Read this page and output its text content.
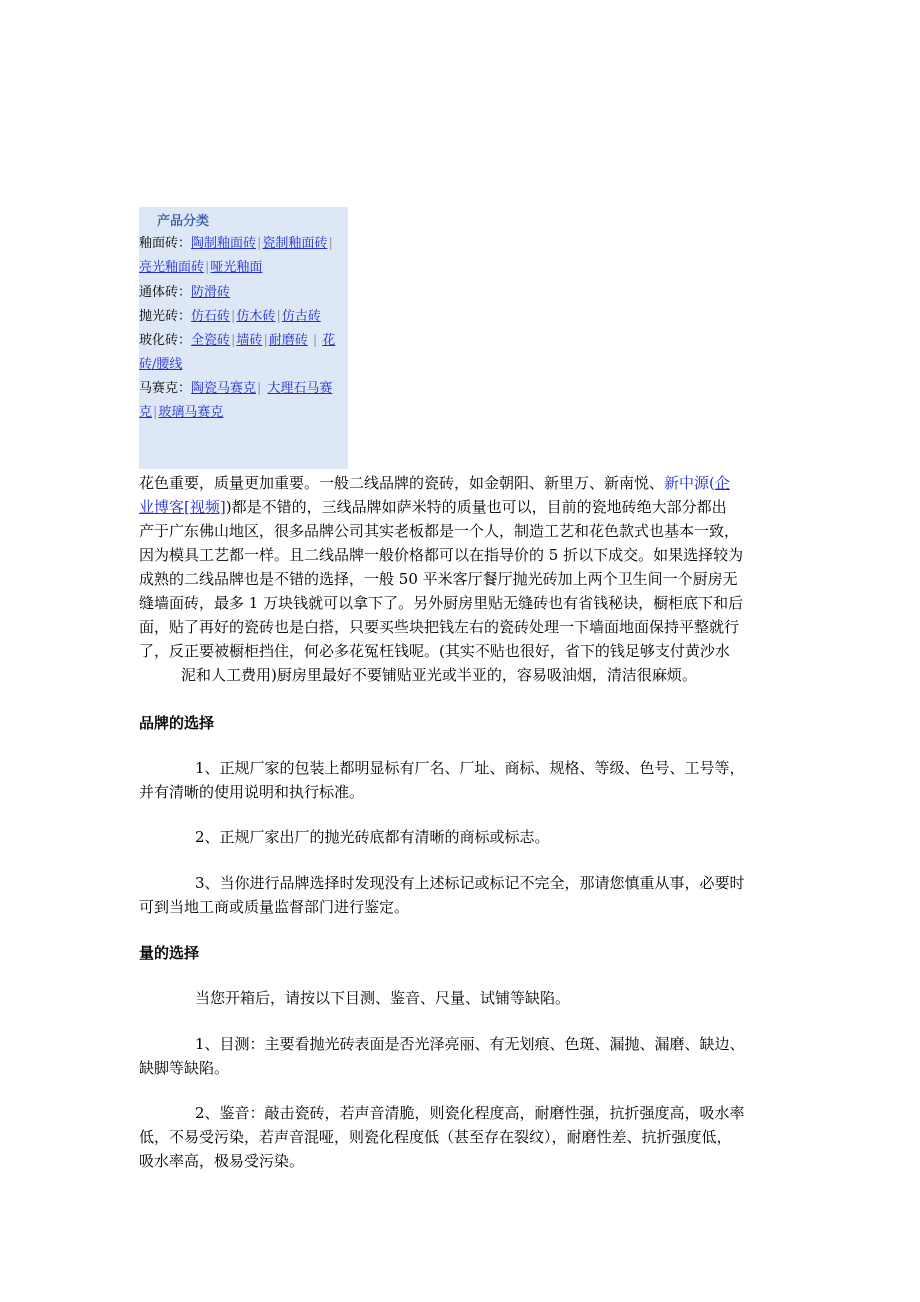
产品分类
釉面砖：陶制釉面砖|瓷制釉面砖|
亮光釉面砖|哑光釉面
通体砖：防滑砖
抛光砖：仿石砖|仿木砖|仿古砖
玻化砖：全瓷砖|墙砖|耐磨砖 | 花
砖/腰线
马赛克：陶瓷马赛克| 大理石马赛
克|玻璃马赛克
花色重要，质量更加重要。一般二线品牌的瓷砖，如金朝阳、新里万、新南悦、新中源(企
业博客[视频])都是不错的，三线品牌如萨米特的质量也可以，目前的瓷地砖绝大部分都出
产于广东佛山地区，很多品牌公司其实老板都是一个人，制造工艺和花色款式也基本一致，
因为模具工艺都一样。且二线品牌一般价格都可以在指导价的 5 折以下成交。如果选择较为
成熟的二线品牌也是不错的选择，一般 50 平米客厅餐厅抛光砖加上两个卫生间一个厨房无
缝墙面砖，最多 1 万块钱就可以拿下了。另外厨房里贴无缝砖也有省钱秘诀，橱柜底下和后
面，贴了再好的瓷砖也是白搭，只要买些块把钱左右的瓷砖处理一下墙面地面保持平整就行
了，反正要被橱柜挡住，何必多花冤枉钱呢。(其实不贴也很好，省下的钱足够支付黄沙水
泥和人工费用)厨房里最好不要铺贴亚光或半亚的，容易吸油烟，清洁很麻烦。
品牌的选择
1、正规厂家的包装上都明显标有厂名、厂址、商标、规格、等级、色号、工号等，
并有清晰的使用说明和执行标准。
2、正规厂家出厂的抛光砖底都有清晰的商标或标志。
3、当你进行品牌选择时发现没有上述标记或标记不完全，那请您慎重从事，必要时
可到当地工商或质量监督部门进行鉴定。
量的选择
当您开箱后，请按以下目测、鉴音、尺量、试铺等缺陷。
1、目测：主要看抛光砖表面是否光泽亮丽、有无划痕、色斑、漏抛、漏磨、缺边、
缺脚等缺陷。
2、鉴音：敲击瓷砖，若声音清脆，则瓷化程度高，耐磨性强，抗折强度高，吸水率
低，不易受污染，若声音混哑，则瓷化程度低（甚至存在裂纹），耐磨性差、抗折强度低，
吸水率高，极易受污染。
